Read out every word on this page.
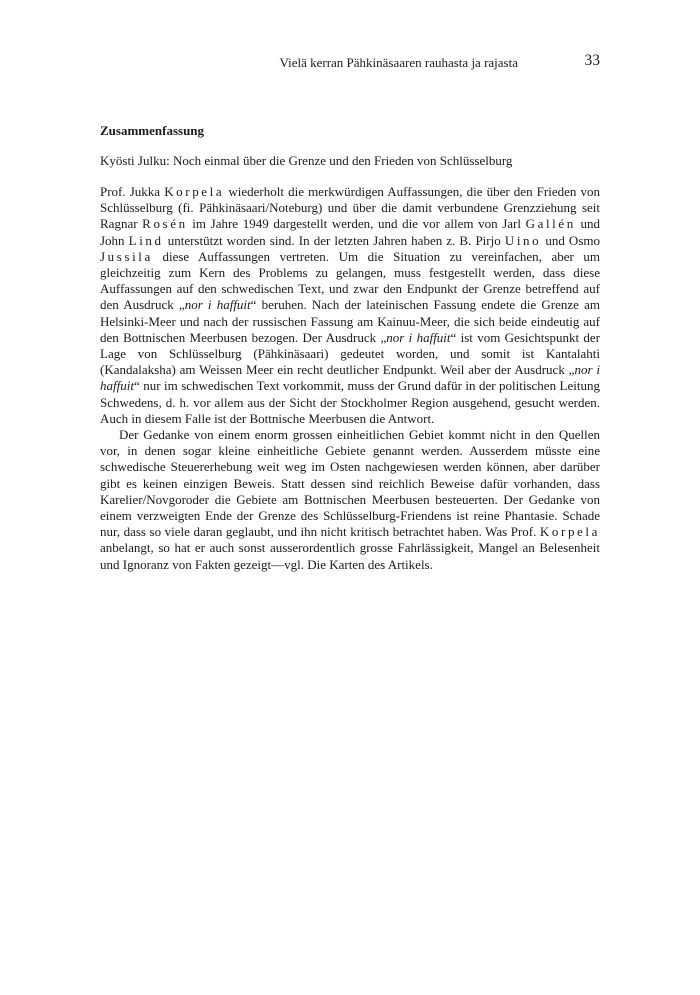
Vielä kerran Pähkinäsaaren rauhasta ja rajasta	33
Zusammenfassung
Kyösti Julku: Noch einmal über die Grenze und den Frieden von Schlüsselburg

Prof. Jukka Korpela wiederholt die merkwürdigen Auffassungen, die über den Frieden von Schlüsselburg (fi. Pähkinäsaari/Noteburg) und über die damit verbundene Grenzziehung seit Ragnar Rosén im Jahre 1949 dargestellt werden, und die vor allem von Jarl Gallén und John Lind unterstützt worden sind. In der letzten Jahren haben z. B. Pirjo Uino und Osmo Jussila diese Auffassungen vertreten. Um die Situation zu vereinfachen, aber um gleichzeitig zum Kern des Problems zu gelangen, muss festgestellt werden, dass diese Auffassungen auf den schwedischen Text, und zwar den Endpunkt der Grenze betreffend auf den Ausdruck „nor i haffuit“ beruhen. Nach der lateinischen Fassung endete die Grenze am Helsinki-Meer und nach der russischen Fassung am Kainuu-Meer, die sich beide eindeutig auf den Bottnischen Meerbusen bezogen. Der Ausdruck „nor i haffuit“ ist vom Gesichtspunkt der Lage von Schlüsselburg (Pähkinäsaari) gedeutet worden, und somit ist Kantalahti (Kandalaksha) am Weissen Meer ein recht deutlicher Endpunkt. Weil aber der Ausdruck „nor i haffuit“ nur im schwedischen Text vorkommit, muss der Grund dafür in der politischen Leitung Schwedens, d. h. vor allem aus der Sicht der Stockholmer Region ausgehend, gesucht werden. Auch in diesem Falle ist der Bottnische Meerbusen die Antwort.

Der Gedanke von einem enorm grossen einheitlichen Gebiet kommt nicht in den Quellen vor, in denen sogar kleine einheitliche Gebiete genannt werden. Ausserdem müsste eine schwedische Steuererhebung weit weg im Osten nachgewiesen werden können, aber darüber gibt es keinen einzigen Beweis. Statt dessen sind reichlich Beweise dafür vorhanden, dass Karelier/Novgoroder die Gebiete am Bottnischen Meerbusen besteuerten. Der Gedanke von einem verzweigten Ende der Grenze des Schlüsselburg-Friendens ist reine Phantasie. Schade nur, dass so viele daran geglaubt, und ihn nicht kritisch betrachtet haben. Was Prof. Korpela anbelangt, so hat er auch sonst ausserordentlich grosse Fahrlässigkeit, Mangel an Belesenheit und Ignoranz von Fakten gezeigt—vgl. Die Karten des Artikels.
